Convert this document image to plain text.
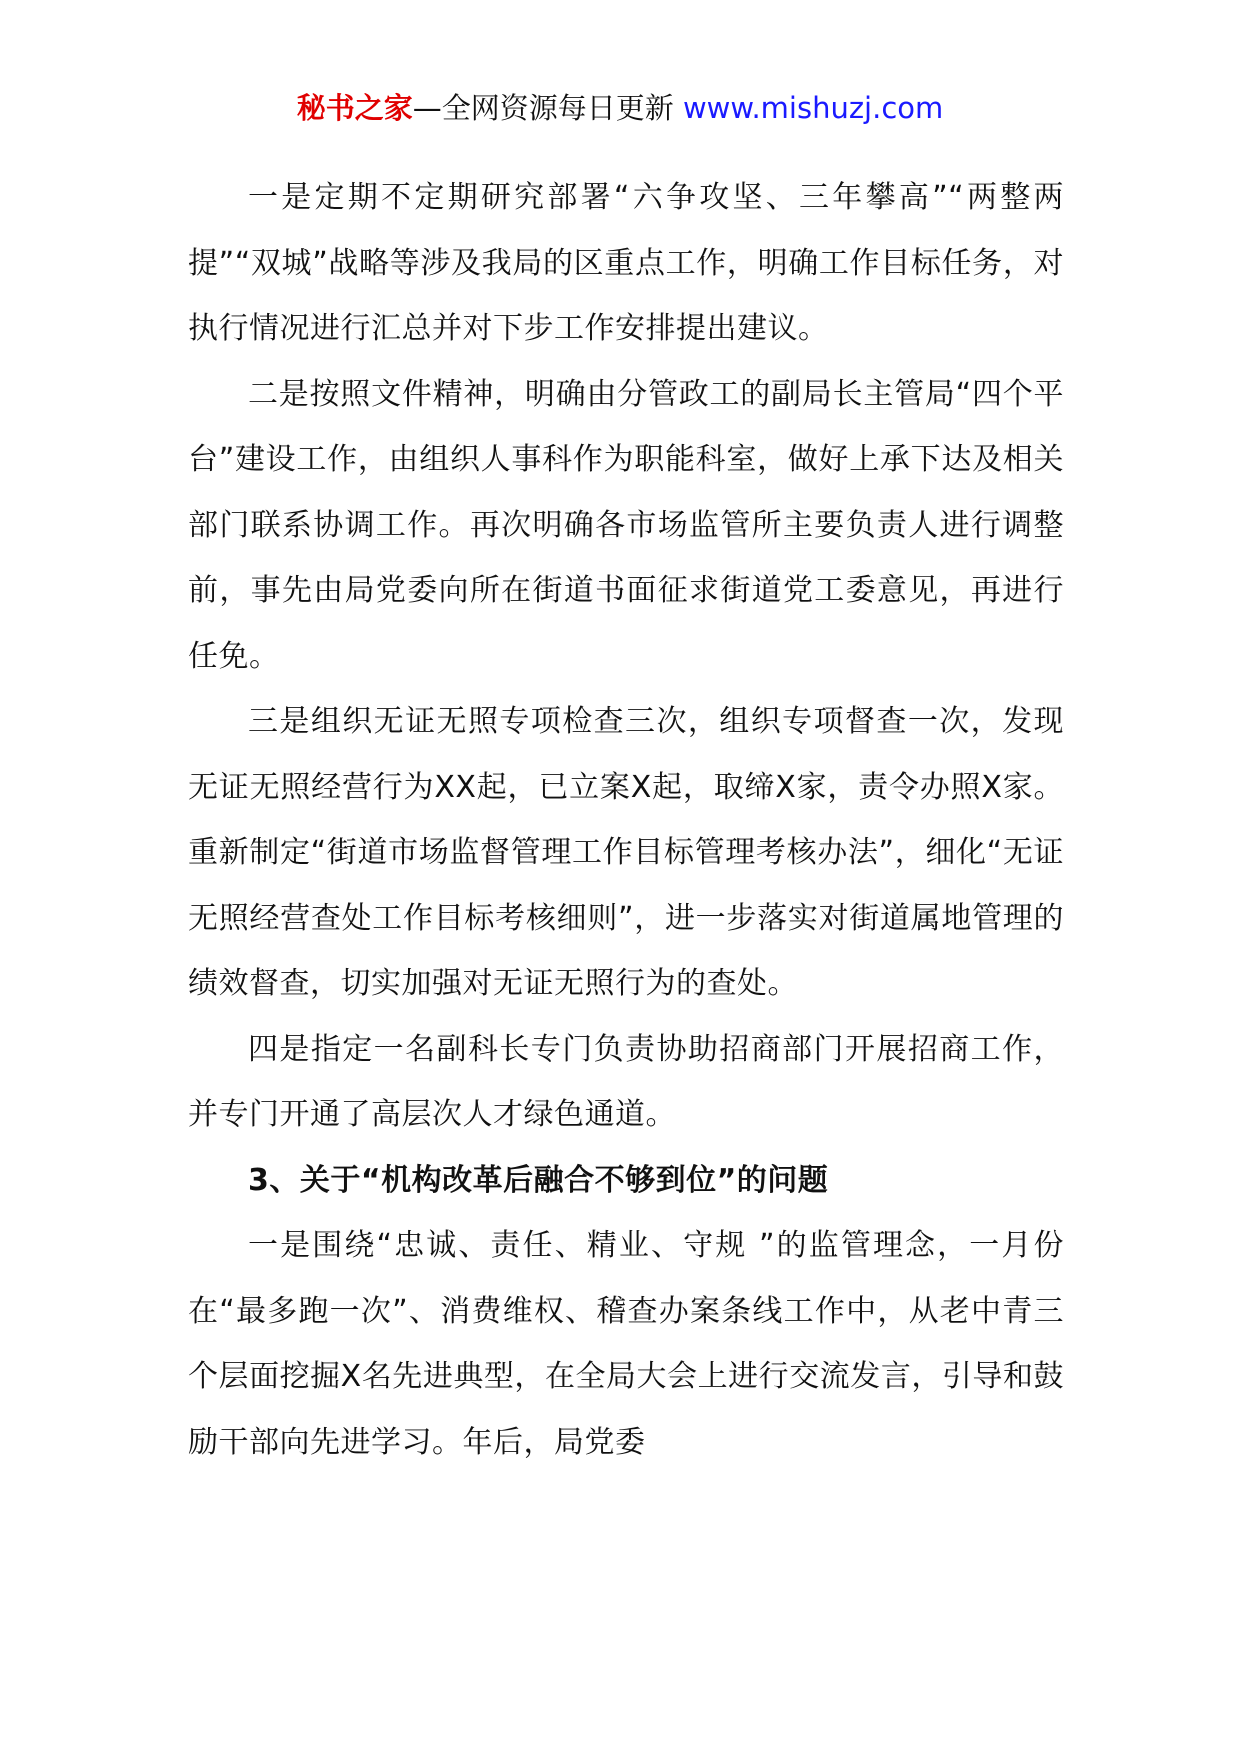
秘书之家—全网资源每日更新 www.mishuzj.com

一是定期不定期研究部署“六争攻坚、三年攀高”“两整两提”“双城”战略等涉及我局的区重点工作，明确工作目标任务，对执行情况进行汇总并对下步工作安排提出建议。

二是按照文件精神，明确由分管政工的副局长主管局“四个平台”建设工作，由组织人事科作为职能科室，做好上承下达及相关部门联系协调工作。再次明确各市场监管所主要负责人进行调整前，事先由局党委向所在街道书面征求街道党工委意见，再进行任免。

三是组织无证无照专项检查三次，组织专项督查一次，发现无证无照经营行为XX起，已立案X起，取缔X家，责令办照X家。重新制定“街道市场监督管理工作目标管理考核办法”，细化“无证无照经营查处工作目标考核细则”，进一步落实对街道属地管理的绩效督查，切实加强对无证无照行为的查处。

四是指定一名副科长专门负责协助招商部门开展招商工作，并专门开通了高层次人才绿色通道。

3、关于“机构改革后融合不够到位”的问题

一是围绕“忠诚、责任、精业、守规 ”的监管理念，一月份在“最多跑一次”、消费维权、稽查办案条线工作中，从老中青三个层面挖掘X名先进典型，在全局大会上进行交流发言，引导和鼓励干部向先进学习。年后，局党委
